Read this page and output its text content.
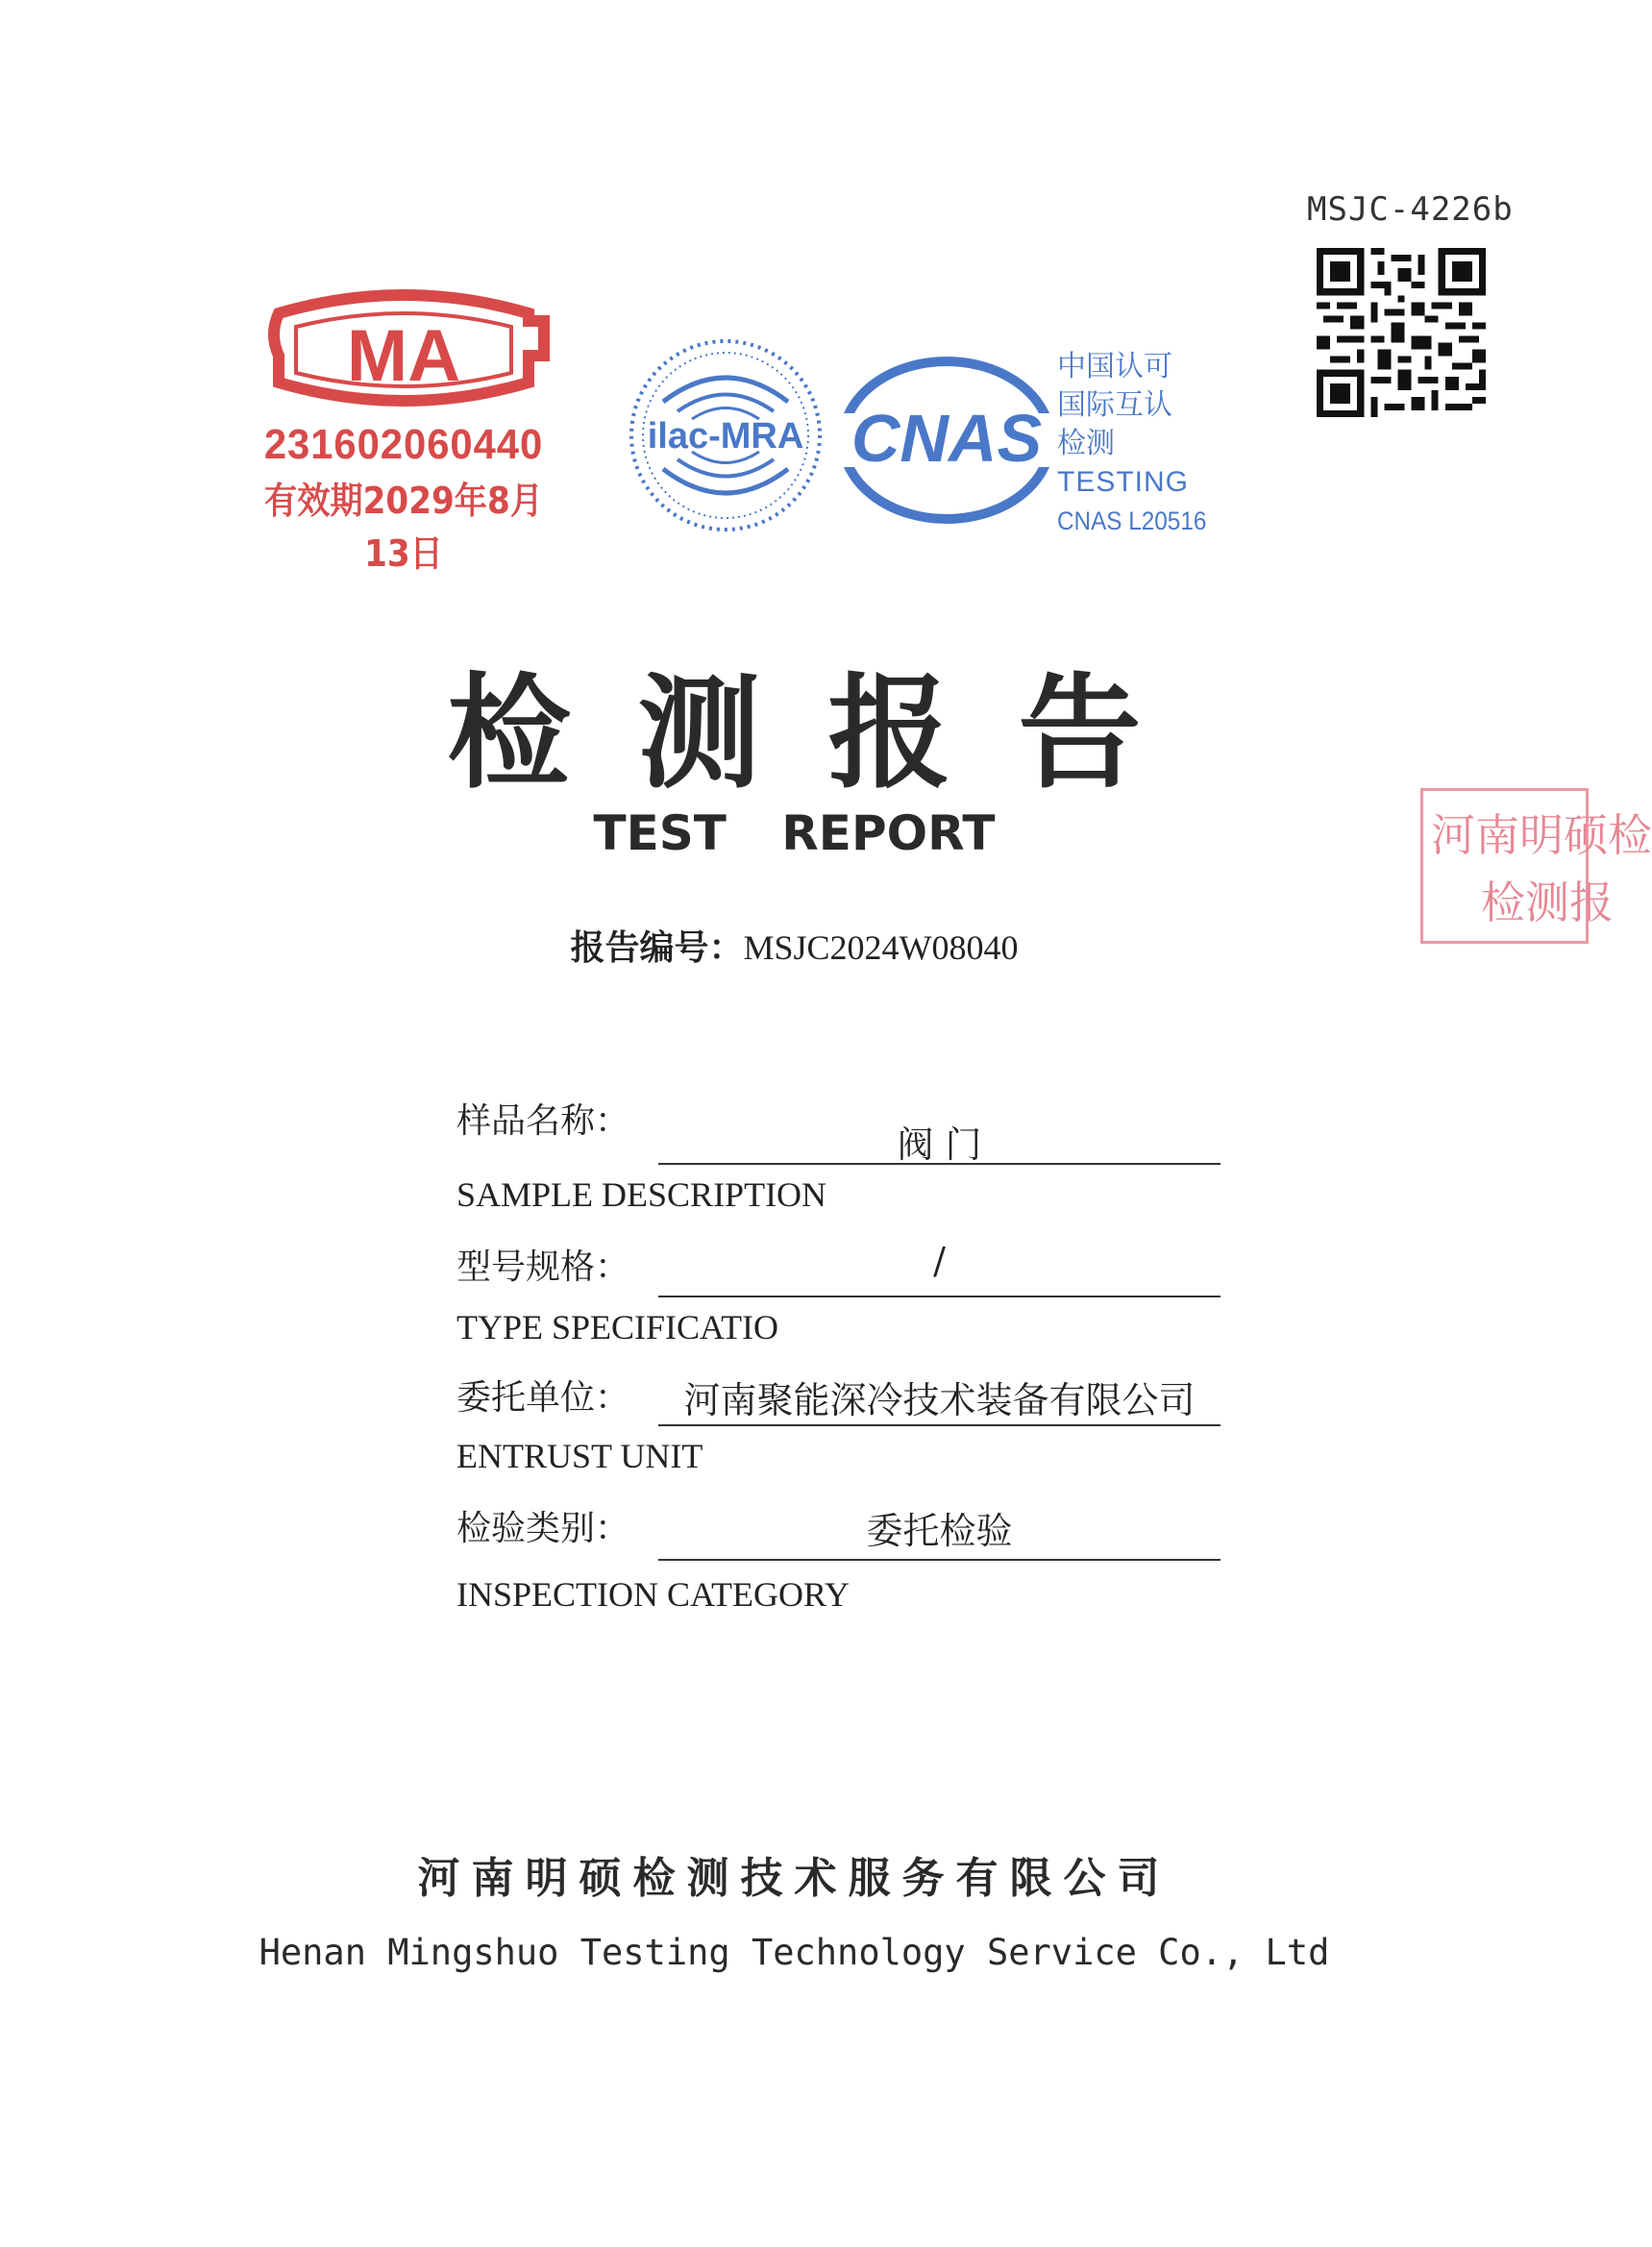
MSJC-4226b
MA
231602060440
有效期2029年8月13日
ilac-MRA CNAS
中国认可
国际互认
检测
TESTING
CNAS L20516
河南明硕检
检测报
检测报告
TEST REPORT
报告编号：MSJC2024W08040
样品名称：
阀 门
SAMPLE DESCRIPTION
型号规格：	/
TYPE SPECIFICATIO
委托单位：	河南聚能深冷技术装备有限公司
ENTRUST UNIT
检验类别：	委托检验
INSPECTION CATEGORY
河南明硕检测技术服务有限公司
Henan Mingshuo Testing Technology Service Co., Ltd
